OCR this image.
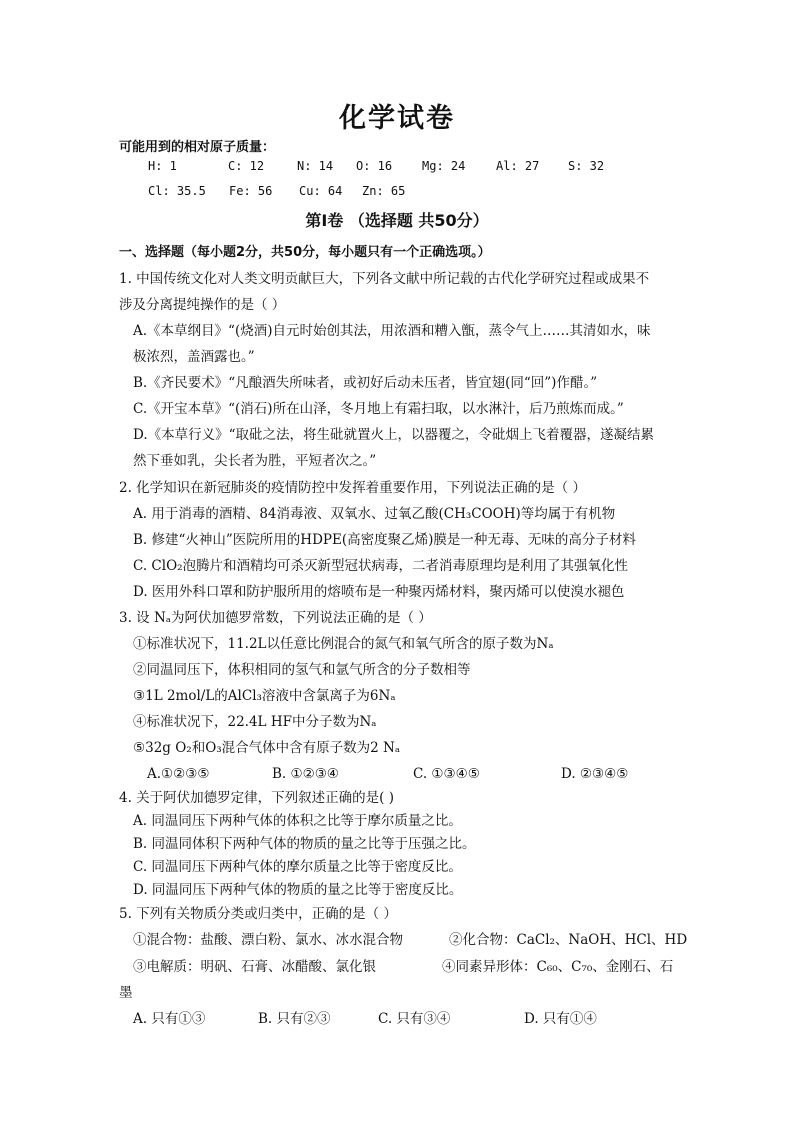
化学试卷
可能用到的相对原子质量：
H: 1	C: 12	N: 14 O: 16 Mg: 24	Al: 27 S: 32
Cl: 35.5 Fe: 56 Cu: 64 Zn: 65
第Ⅰ卷 （选择题 共50分）
一、选择题（每小题2分，共50分，每小题只有一个正确选项。）
1. 中国传统文化对人类文明贡献巨大，下列各文献中所记载的古代化学研究过程或成果不
涉及分离提纯操作的是（ ）
A.《本草纲目》“(烧酒)自元时始创其法，用浓酒和糟入甑，蒸令气上……其清如水，味
极浓烈，盖酒露也。”
B.《齐民要术》“凡酿酒失所味者，或初好后动未压者，皆宜翅(同“回”)作醋。”
C.《开宝本草》“(消石)所在山泽，冬月地上有霜扫取，以水淋汁，后乃煎炼而成。”
D.《本草行义》“取砒之法，将生砒就置火上，以器覆之，令砒烟上飞着覆器，遂凝结累
然下垂如乳，尖长者为胜，平短者次之。”
2. 化学知识在新冠肺炎的疫情防控中发挥着重要作用，下列说法正确的是（ ）
A. 用于消毒的酒精、84消毒液、双氧水、过氧乙酸(CH₃COOH)等均属于有机物
B. 修建“火神山”医院所用的HDPE(高密度聚乙烯)膜是一种无毒、无味的高分子材料
C. ClO₂泡腾片和酒精均可杀灭新型冠状病毒，二者消毒原理均是利用了其强氧化性
D. 医用外科口罩和防护服所用的熔喷布是一种聚丙烯材料，聚丙烯可以使溴水褪色
3. 设 Nₐ为阿伏加德罗常数，下列说法正确的是（ ）
①标准状况下，11.2L以任意比例混合的氮气和氧气所含的原子数为Nₐ
②同温同压下，体积相同的氢气和氩气所含的分子数相等
③1L 2mol/L的AlCl₃溶液中含氯离子为6Nₐ
④标准状况下，22.4L HF中分子数为Nₐ
⑤32g O₂和O₃混合气体中含有原子数为2 Nₐ
A.①②③⑤	B. ①②③④	C. ①③④⑤	D. ②③④⑤
4. 关于阿伏加德罗定律，下列叙述正确的是( )
A. 同温同压下两种气体的体积之比等于摩尔质量之比。
B. 同温同体积下两种气体的物质的量之比等于压强之比。
C. 同温同压下两种气体的摩尔质量之比等于密度反比。
D. 同温同压下两种气体的物质的量之比等于密度反比。
5. 下列有关物质分类或归类中，正确的是（ ）
①混合物：盐酸、漂白粉、氯水、冰水混合物	②化合物：CaCl₂、NaOH、HCl、HD
③电解质：明矾、石膏、冰醋酸、氯化银	④同素异形体：C₆₀、C₇₀、金刚石、石
墨
A. 只有①③	B. 只有②③	C. 只有③④	D. 只有①④
